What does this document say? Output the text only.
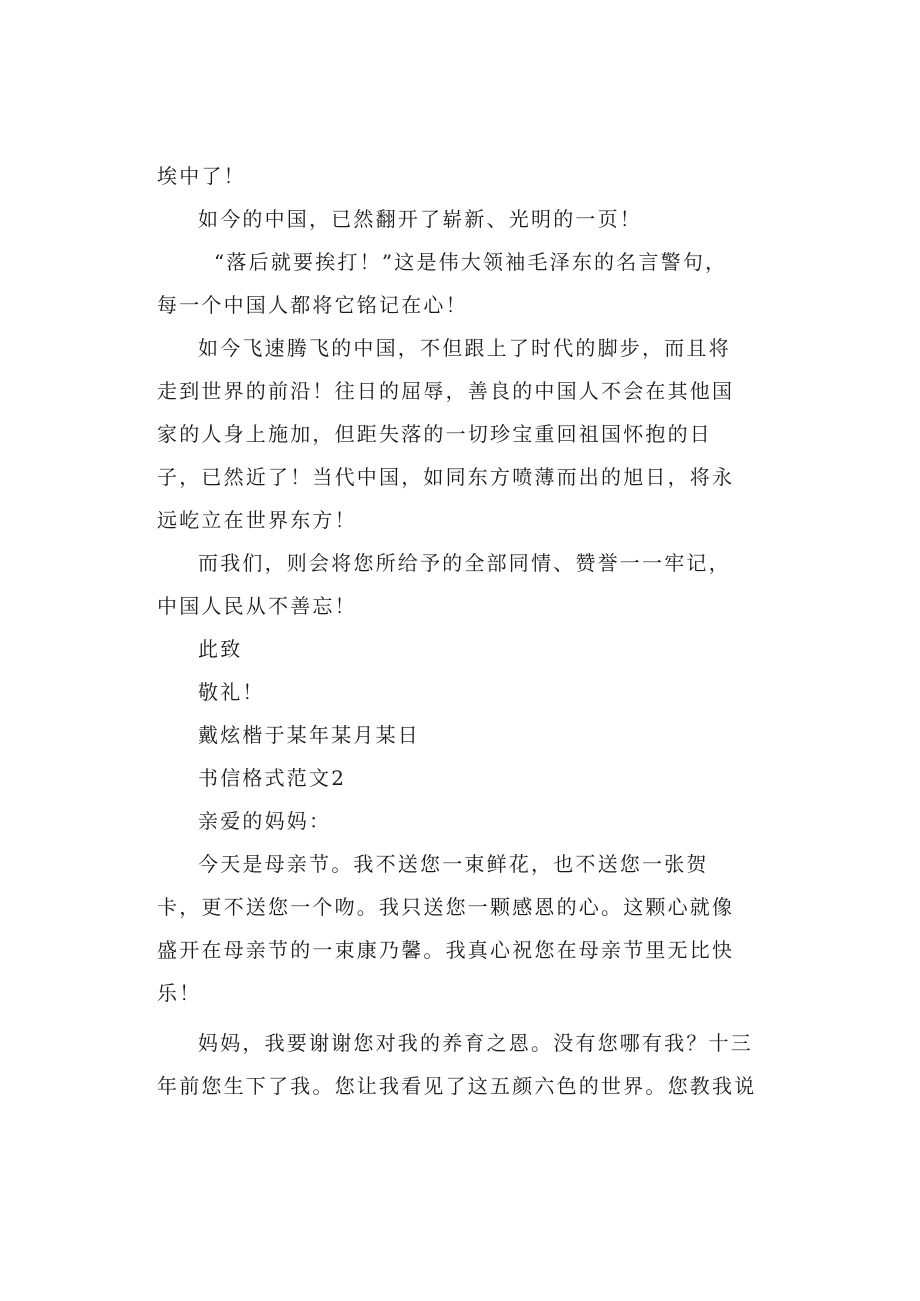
埃中了！
如今的中国，已然翻开了崭新、光明的一页！
“落后就要挨打！”这是伟大领袖毛泽东的名言警句，
每一个中国人都将它铭记在心！
如今飞速腾飞的中国，不但跟上了时代的脚步，而且将
走到世界的前沿！往日的屈辱，善良的中国人不会在其他国
家的人身上施加，但距失落的一切珍宝重回祖国怀抱的日
子，已然近了！当代中国，如同东方喷薄而出的旭日，将永
远屹立在世界东方！
而我们，则会将您所给予的全部同情、赞誉一一牢记，
中国人民从不善忘！
此致
敬礼！
戴炫楷于某年某月某日
书信格式范文2
亲爱的妈妈：
今天是母亲节。我不送您一束鲜花，也不送您一张贺
卡，更不送您一个吻。我只送您一颗感恩的心。这颗心就像
盛开在母亲节的一束康乃馨。我真心祝您在母亲节里无比快
乐！
妈妈，我要谢谢您对我的养育之恩。没有您哪有我？十三
年前您生下了我。您让我看见了这五颜六色的世界。您教我说
